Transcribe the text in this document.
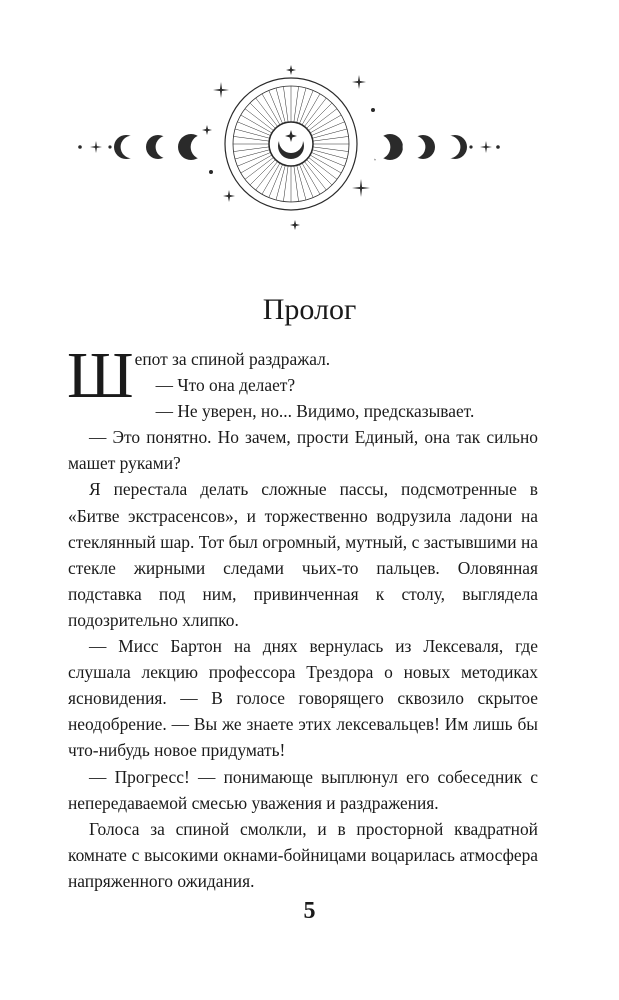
Пролог

Шепот за спиной раздражал.

— Что она делает?

— Не уверен, но... Видимо, предсказывает.

— Это понятно. Но зачем, прости Единый, она так сильно машет руками?

Я перестала делать сложные пассы, подсмотренные в «Битве экстрасенсов», и торжественно водрузила ладони на стеклянный шар. Тот был огромный, мутный, с застывшими на стекле жирными следами чьих-то пальцев. Оловянная подставка под ним, привинченная к столу, выглядела подозрительно хлипко.

— Мисс Бартон на днях вернулась из Лексеваля, где слушала лекцию профессора Трездора о новых методиках ясновидения. — В голосе говорящего сквозило скрытое неодобрение. — Вы же знаете этих лексевальцев! Им лишь бы что-нибудь новое придумать!

— Прогресс! — понимающе выплюнул его собеседник с непередаваемой смесью уважения и раздражения.

Голоса за спиной смолкли, и в просторной квадратной комнате с высокими окнами-бойницами воцарилась атмосфера напряженного ожидания.

5
